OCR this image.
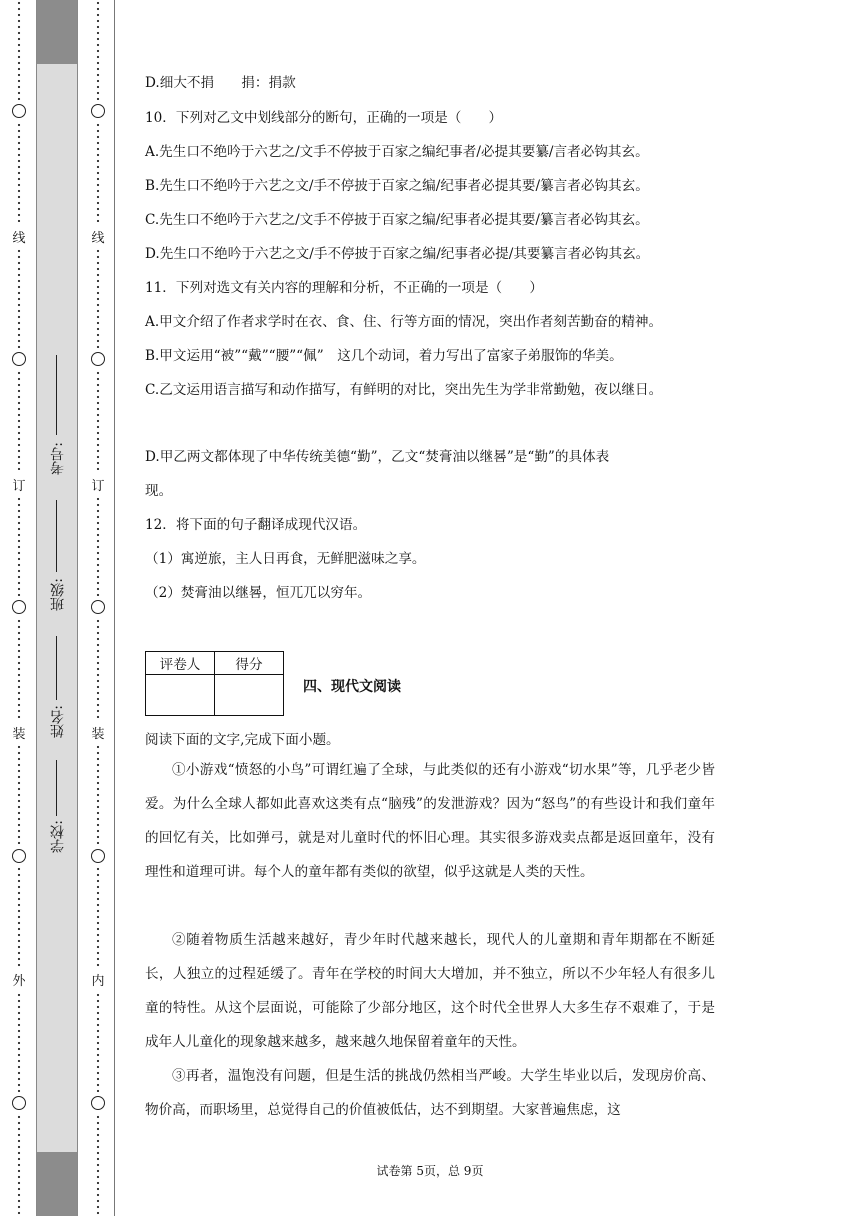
线
订
装
外
考号:
班级:
姓名:
学校:
线
订
装
内
D.细大不捐　　捐：捐款
10．下列对乙文中划线部分的断句，正确的一项是（　　）
A.先生口不绝吟于六艺之/文手不停披于百家之编纪事者/必提其要纂/言者必钩其玄。
B.先生口不绝吟于六艺之文/手不停披于百家之编/纪事者必提其要/纂言者必钩其玄。
C.先生口不绝吟于六艺之/文手不停披于百家之编/纪事者必提其要/纂言者必钩其玄。
D.先生口不绝吟于六艺之文/手不停披于百家之编/纪事者必提/其要纂言者必钩其玄。
11．下列对选文有关内容的理解和分析，不正确的一项是（　　）
A.甲文介绍了作者求学时在衣、食、住、行等方面的情况，突出作者刻苦勤奋的精神。
B.甲文运用“被”“戴”“腰”“佩”　这几个动词，着力写出了富家子弟服饰的华美。
C.乙文运用语言描写和动作描写，有鲜明的对比，突出先生为学非常勤勉，夜以继日。
D.甲乙两文都体现了中华传统美德“勤”，乙文“焚膏油以继晷”是“勤”的具体表
现。
12．将下面的句子翻译成现代汉语。
（1）寓逆旅，主人日再食，无鲜肥滋味之享。
（2）焚膏油以继晷，恒兀兀以穷年。
评卷人	得分

四、现代文阅读
阅读下面的文字,完成下面小题。
①小游戏“愤怒的小鸟”可谓红遍了全球，与此类似的还有小游戏“切水果”等，几乎老少皆爱。为什么全球人都如此喜欢这类有点“脑残”的发泄游戏？因为“怒鸟”的有些设计和我们童年的回忆有关，比如弹弓，就是对儿童时代的怀旧心理。其实很多游戏卖点都是返回童年，没有理性和道理可讲。每个人的童年都有类似的欲望，似乎这就是人类的天性。
②随着物质生活越来越好，青少年时代越来越长，现代人的儿童期和青年期都在不断延长，人独立的过程延缓了。青年在学校的时间大大增加，并不独立，所以不少年轻人有很多儿童的特性。从这个层面说，可能除了少部分地区，这个时代全世界人大多生存不艰难了，于是成年人儿童化的现象越来越多，越来越久地保留着童年的天性。
③再者，温饱没有问题，但是生活的挑战仍然相当严峻。大学生毕业以后，发现房价高、物价高，而职场里，总觉得自己的价值被低估，达不到期望。大家普遍焦虑，这
试卷第 5页，总 9页
